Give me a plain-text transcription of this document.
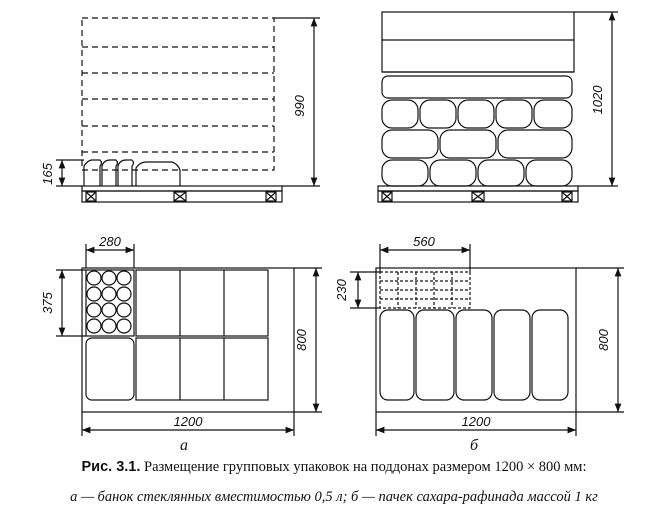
990
165
1020
280
375
800
1200
а
560
230
800
1200
б
Рис. 3.1. Размещение групповых упаковок на поддонах размером 1200 × 800 мм:
а — банок стеклянных вместимостью 0,5 л; б — пачек сахара-рафинада массой 1 кг
